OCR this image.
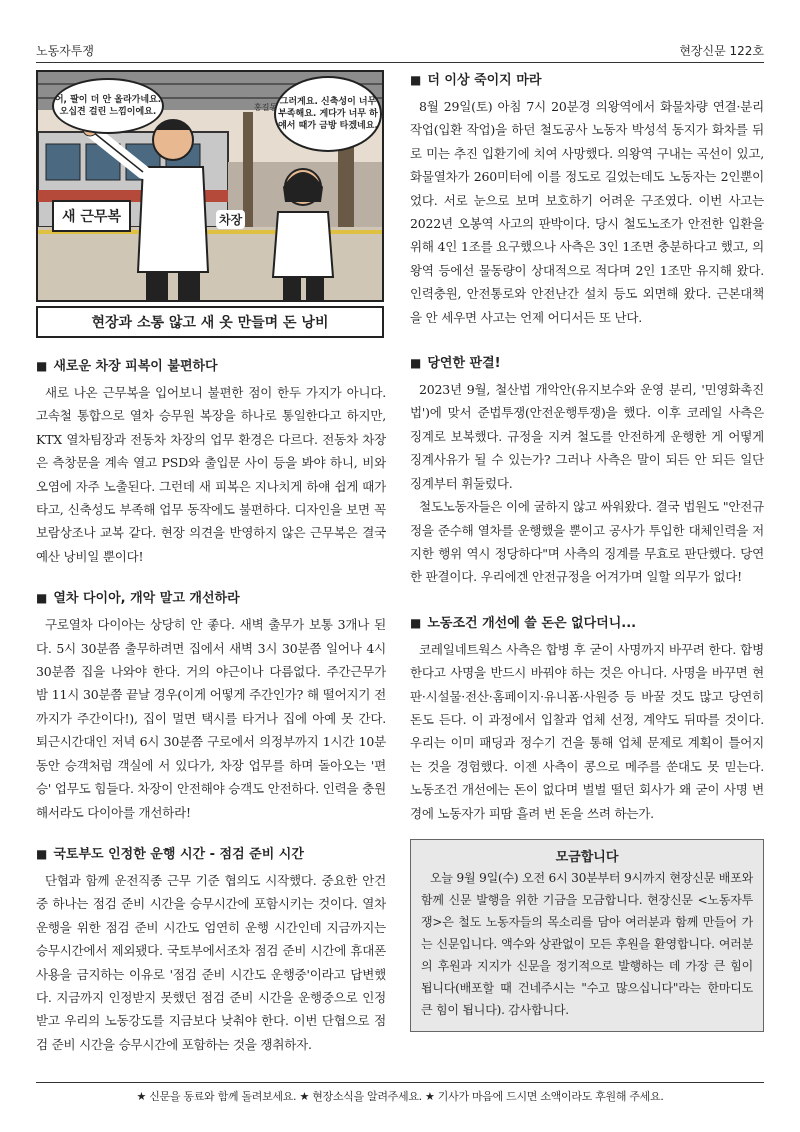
노동자투쟁	현장신문 122호
어, 팔이 더 안 올라가네요. 오십견 걸린 느낌이에요.
그러게요. 신축성이 너무 부족해요. 게다가 너무 하얘서 때가 금방 타겠네요.
새 근무복	차장
홍길동
현장과 소통 않고 새 옷 만들며 돈 낭비
■ 새로운 차장 피복이 불편하다

새로 나온 근무복을 입어보니 불편한 점이 한두 가지가 아니다. 고속철 통합으로 열차 승무원 복장을 하나로 통일한다고 하지만, KTX 열차팀장과 전동차 차장의 업무 환경은 다르다. 전동차 차장은 측창문을 계속 열고 PSD와 출입문 사이 등을 봐야 하니, 비와 오염에 자주 노출된다. 그런데 새 피복은 지나치게 하얘 쉽게 때가 타고, 신축성도 부족해 업무 동작에도 불편하다. 디자인을 보면 꼭 보람상조나 교복 같다. 현장 의견을 반영하지 않은 근무복은 결국 예산 낭비일 뿐이다!

■ 열차 다이아, 개악 말고 개선하라

구로열차 다이아는 상당히 안 좋다. 새벽 출무가 보통 3개나 된다. 5시 30분쯤 출무하려면 집에서 새벽 3시 30분쯤 일어나 4시 30분쯤 집을 나와야 한다. 거의 야근이나 다름없다. 주간근무가 밤 11시 30분쯤 끝날 경우(이게 어떻게 주간인가? 해 떨어지기 전까지가 주간이다!), 집이 멀면 택시를 타거나 집에 아예 못 간다. 퇴근시간대인 저녁 6시 30분쯤 구로에서 의정부까지 1시간 10분 동안 승객처럼 객실에 서 있다가, 차장 업무를 하며 돌아오는 '편승' 업무도 힘들다. 차장이 안전해야 승객도 안전하다. 인력을 충원해서라도 다이아를 개선하라!

■ 국토부도 인정한 운행 시간 - 점검 준비 시간

단협과 함께 운전직종 근무 기준 협의도 시작했다. 중요한 안건 중 하나는 점검 준비 시간을 승무시간에 포함시키는 것이다. 열차 운행을 위한 점검 준비 시간도 엄연히 운행 시간인데 지금까지는 승무시간에서 제외됐다. 국토부에서조차 점검 준비 시간에 휴대폰 사용을 금지하는 이유로 '점검 준비 시간도 운행중'이라고 답변했다. 지금까지 인정받지 못했던 점검 준비 시간을 운행중으로 인정받고 우리의 노동강도를 지금보다 낮춰야 한다. 이번 단협으로 점검 준비 시간을 승무시간에 포함하는 것을 쟁취하자.

■ 더 이상 죽이지 마라

8월 29일(토) 아침 7시 20분경 의왕역에서 화물차량 연결·분리 작업(입환 작업)을 하던 철도공사 노동자 박성석 동지가 화차를 뒤로 미는 추진 입환기에 치여 사망했다. 의왕역 구내는 곡선이 있고, 화물열차가 260미터에 이를 정도로 길었는데도 노동자는 2인뿐이었다. 서로 눈으로 보며 보호하기 어려운 구조였다. 이번 사고는 2022년 오봉역 사고의 판박이다. 당시 철도노조가 안전한 입환을 위해 4인 1조를 요구했으나 사측은 3인 1조면 충분하다고 했고, 의왕역 등에선 물동량이 상대적으로 적다며 2인 1조만 유지해 왔다. 인력충원, 안전통로와 안전난간 설치 등도 외면해 왔다. 근본대책을 안 세우면 사고는 언제 어디서든 또 난다.

■ 당연한 판결!

2023년 9월, 철산법 개악안(유지보수와 운영 분리, '민영화촉진법')에 맞서 준법투쟁(안전운행투쟁)을 했다. 이후 코레일 사측은 징계로 보복했다. 규정을 지켜 철도를 안전하게 운행한 게 어떻게 징계사유가 될 수 있는가? 그러나 사측은 말이 되든 안 되든 일단 징계부터 휘둘렀다.

철도노동자들은 이에 굴하지 않고 싸워왔다. 결국 법원도 "안전규정을 준수해 열차를 운행했을 뿐이고 공사가 투입한 대체인력을 저지한 행위 역시 정당하다"며 사측의 징계를 무효로 판단했다. 당연한 판결이다. 우리에겐 안전규정을 어겨가며 일할 의무가 없다!

■ 노동조건 개선에 쓸 돈은 없다더니...

코레일네트웍스 사측은 합병 후 굳이 사명까지 바꾸려 한다. 합병한다고 사명을 반드시 바꿔야 하는 것은 아니다. 사명을 바꾸면 현판·시설물·전산·홈페이지·유니폼·사원증 등 바꿀 것도 많고 당연히 돈도 든다. 이 과정에서 입찰과 업체 선정, 계약도 뒤따를 것이다. 우리는 이미 패딩과 정수기 건을 통해 업체 문제로 계획이 틀어지는 것을 경험했다. 이젠 사측이 콩으로 메주를 쑨대도 못 믿는다. 노동조건 개선에는 돈이 없다며 벌벌 떨던 회사가 왜 굳이 사명 변경에 노동자가 피땀 흘려 번 돈을 쓰려 하는가.

모금합니다

오늘 9월 9일(수) 오전 6시 30분부터 9시까지 현장신문 배포와 함께 신문 발행을 위한 기금을 모금합니다. 현장신문 <노동자투쟁>은 철도 노동자들의 목소리를 담아 여러분과 함께 만들어 가는 신문입니다. 액수와 상관없이 모든 후원을 환영합니다. 여러분의 후원과 지지가 신문을 정기적으로 발행하는 데 가장 큰 힘이 됩니다(배포할 때 건네주시는 "수고 많으십니다"라는 한마디도 큰 힘이 됩니다). 감사합니다.

★ 신문을 동료와 함께 돌려보세요. ★ 현장소식을 알려주세요. ★ 기사가 마음에 드시면 소액이라도 후원해 주세요.
